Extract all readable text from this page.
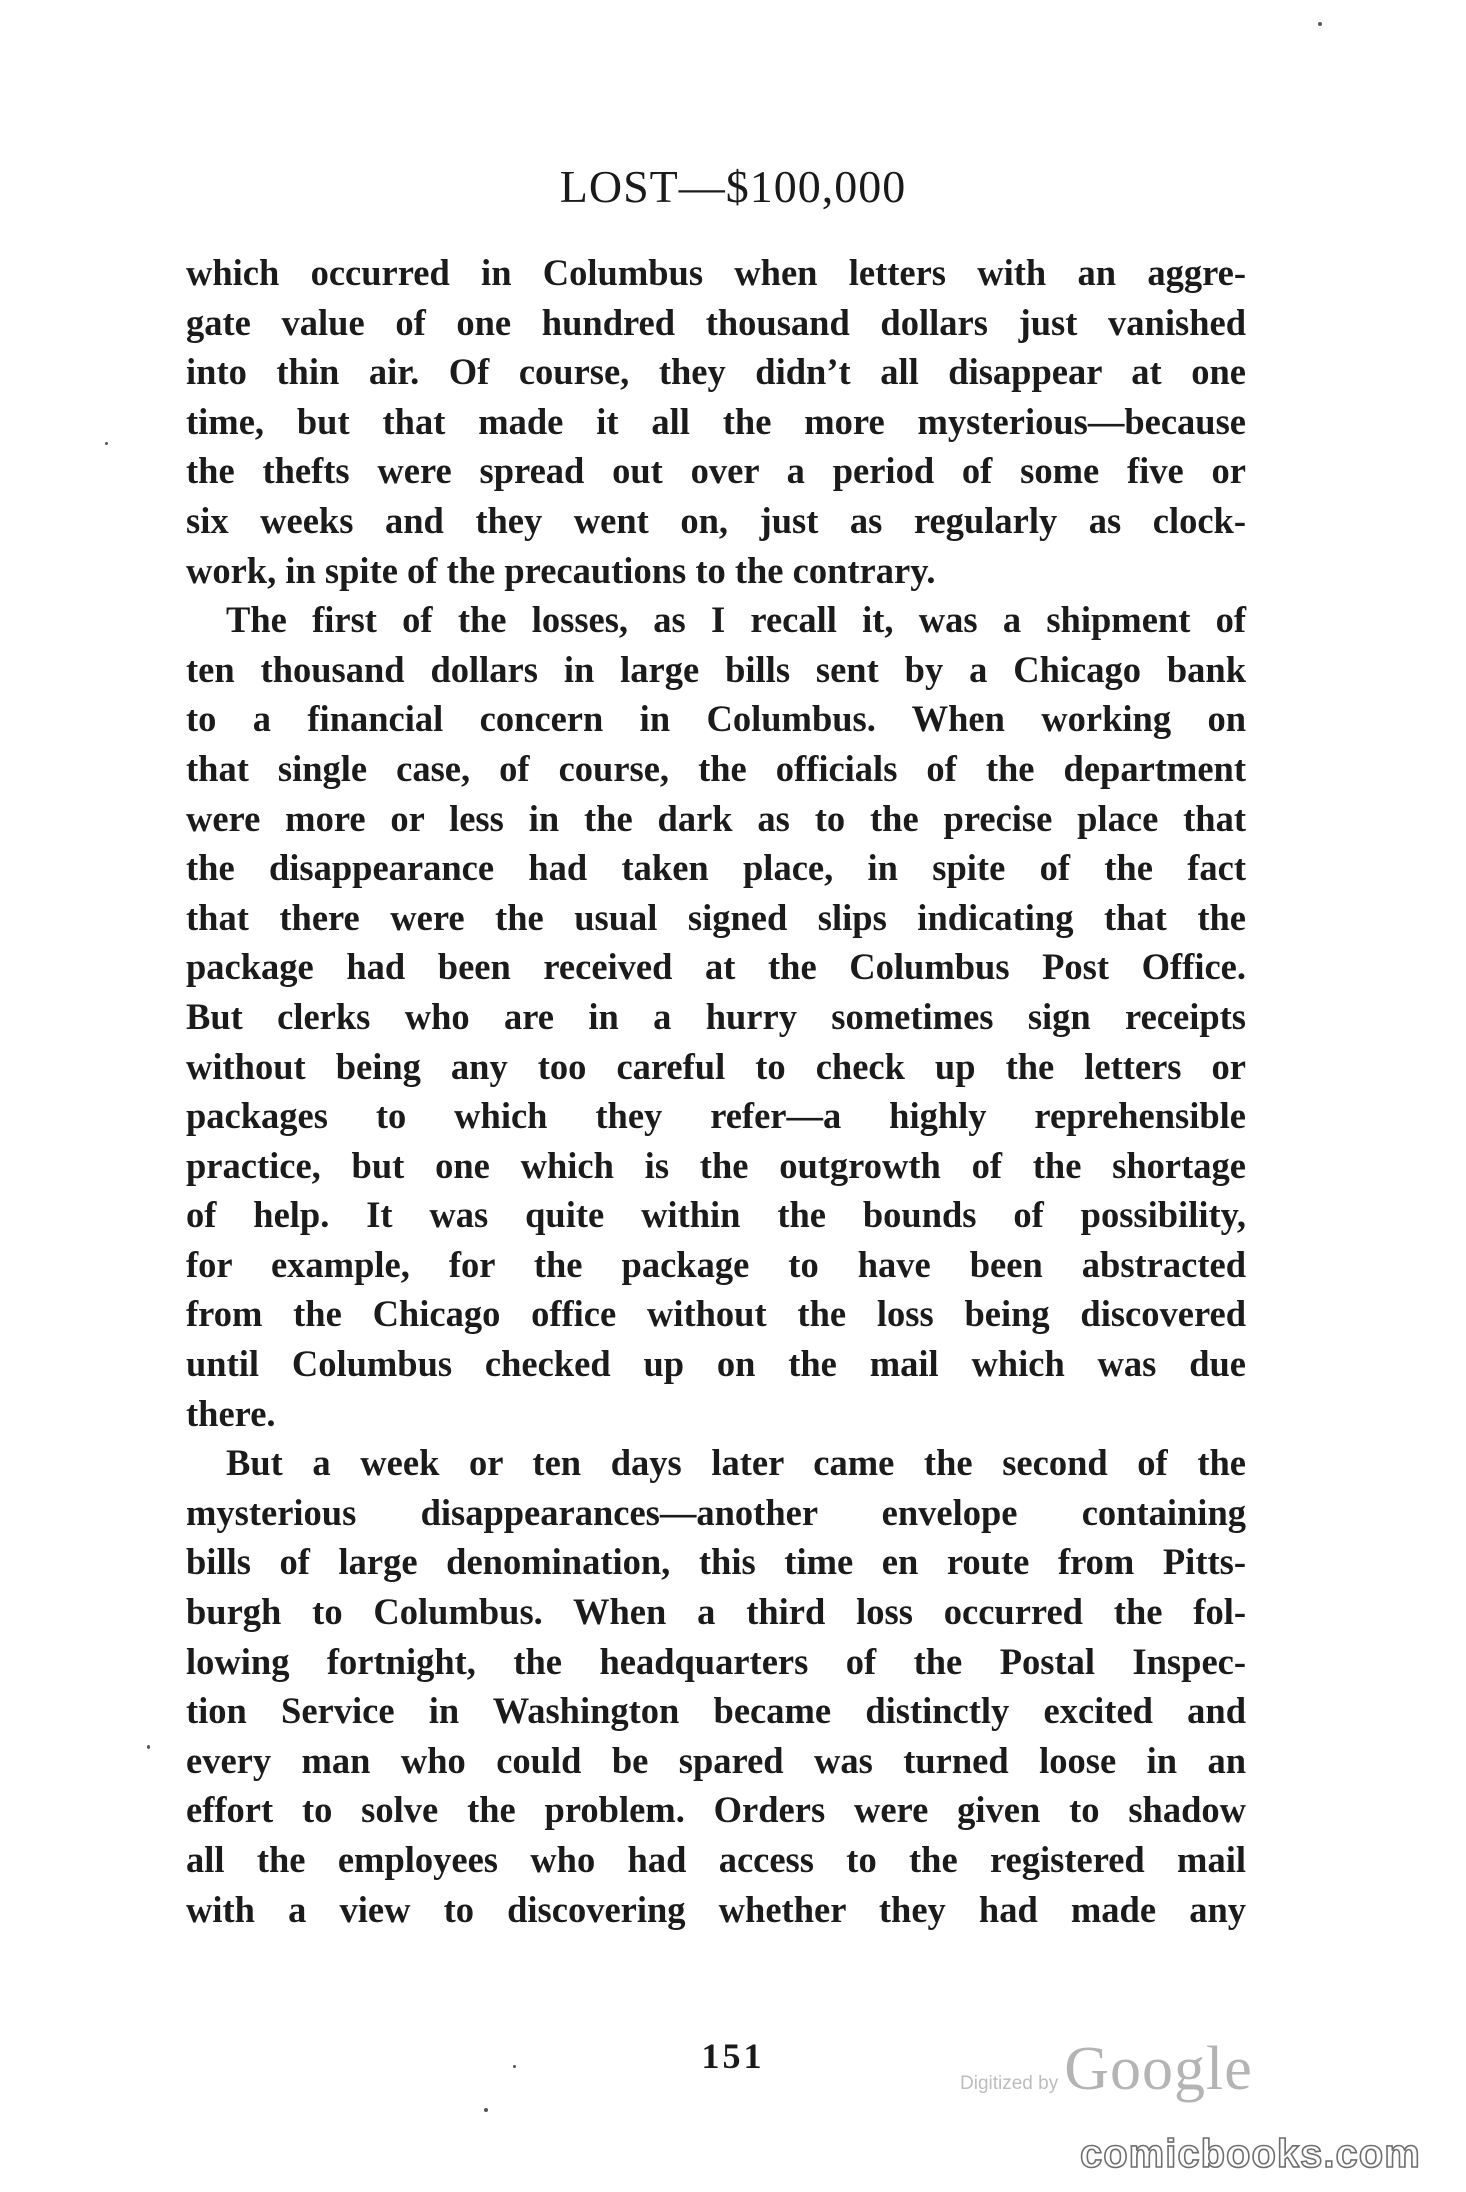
LOST—$100,000
which occurred in Columbus when letters with an aggre-
gate value of one hundred thousand dollars just vanished
into thin air. Of course, they didn’t all disappear at one
time, but that made it all the more mysterious—because
the thefts were spread out over a period of some five or
six weeks and they went on, just as regularly as clock-
work, in spite of the precautions to the contrary.
The first of the losses, as I recall it, was a shipment of
ten thousand dollars in large bills sent by a Chicago bank
to a financial concern in Columbus. When working on
that single case, of course, the officials of the department
were more or less in the dark as to the precise place that
the disappearance had taken place, in spite of the fact
that there were the usual signed slips indicating that the
package had been received at the Columbus Post Office.
But clerks who are in a hurry sometimes sign receipts
without being any too careful to check up the letters or
packages to which they refer—a highly reprehensible
practice, but one which is the outgrowth of the shortage
of help. It was quite within the bounds of possibility,
for example, for the package to have been abstracted
from the Chicago office without the loss being discovered
until Columbus checked up on the mail which was due
there.
But a week or ten days later came the second of the
mysterious disappearances—another envelope containing
bills of large denomination, this time en route from Pitts-
burgh to Columbus. When a third loss occurred the fol-
lowing fortnight, the headquarters of the Postal Inspec-
tion Service in Washington became distinctly excited and
every man who could be spared was turned loose in an
effort to solve the problem. Orders were given to shadow
all the employees who had access to the registered mail
with a view to discovering whether they had made any
151
Digitized by Google
comicbooks.com
